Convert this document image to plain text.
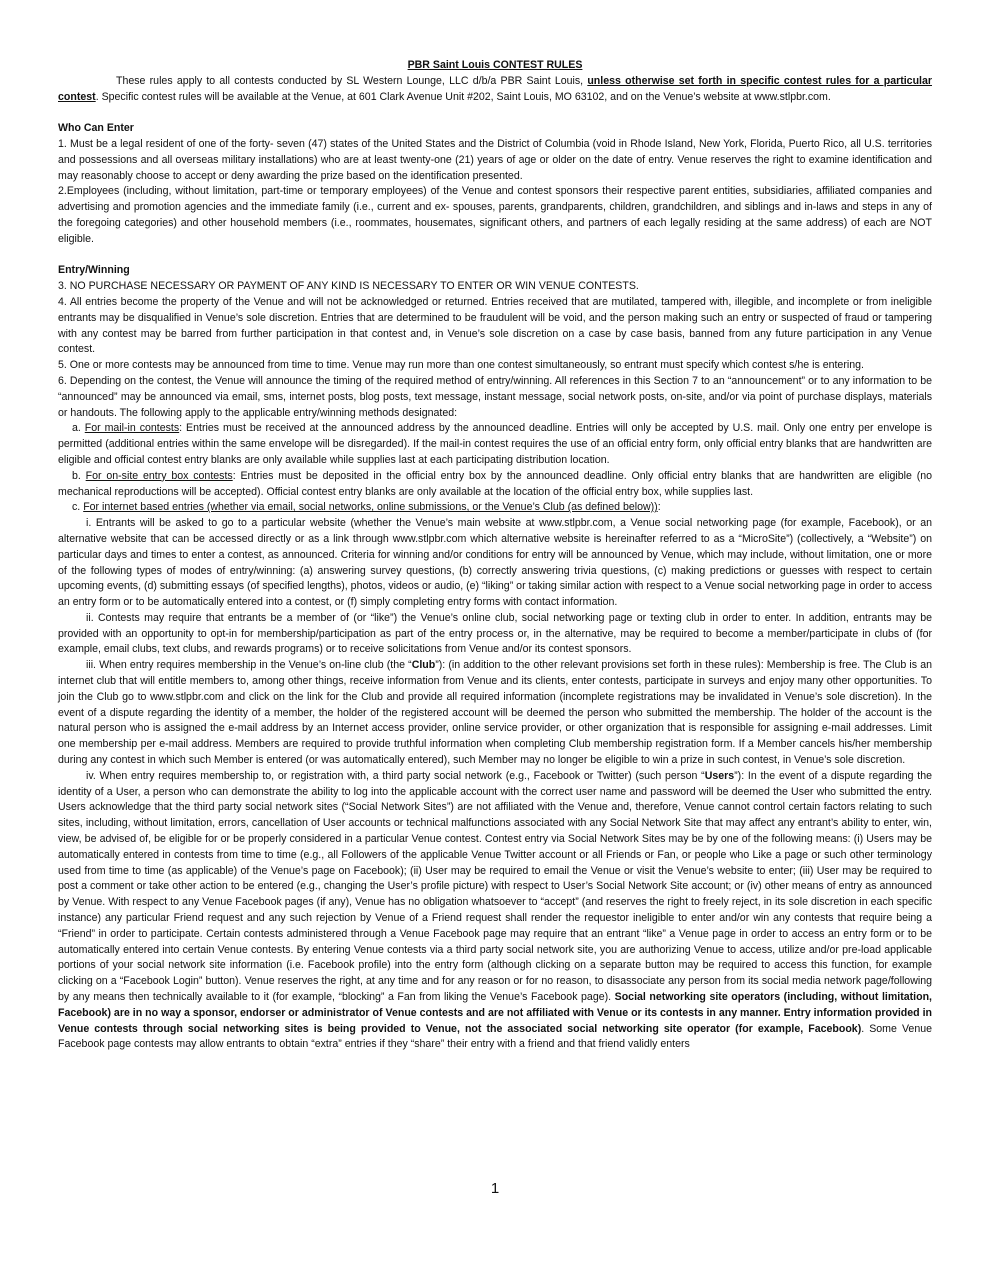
PBR Saint Louis CONTEST RULES

These rules apply to all contests conducted by SL Western Lounge, LLC d/b/a PBR Saint Louis, unless otherwise set forth in specific contest rules for a particular contest. Specific contest rules will be available at the Venue, at 601 Clark Avenue Unit #202, Saint Louis, MO 63102, and on the Venue’s website at www.stlpbr.com.

Who Can Enter

1. Must be a legal resident of one of the forty- seven (47) states of the United States and the District of Columbia (void in Rhode Island, New York, Florida, Puerto Rico, all U.S. territories and possessions and all overseas military installations) who are at least twenty-one (21) years of age or older on the date of entry. Venue reserves the right to examine identification and may reasonably choose to accept or deny awarding the prize based on the identification presented.

2.Employees (including, without limitation, part-time or temporary employees) of the Venue and contest sponsors their respective parent entities, subsidiaries, affiliated companies and advertising and promotion agencies and the immediate family (i.e., current and ex- spouses, parents, grandparents, children, grandchildren, and siblings and in-laws and steps in any of the foregoing categories) and other household members (i.e., roommates, housemates, significant others, and partners of each legally residing at the same address) of each are NOT eligible.

Entry/Winning

3. NO PURCHASE NECESSARY OR PAYMENT OF ANY KIND IS NECESSARY TO ENTER OR WIN VENUE CONTESTS.

4. All entries become the property of the Venue and will not be acknowledged or returned. Entries received that are mutilated, tampered with, illegible, and incomplete or from ineligible entrants may be disqualified in Venue’s sole discretion. Entries that are determined to be fraudulent will be void, and the person making such an entry or suspected of fraud or tampering with any contest may be barred from further participation in that contest and, in Venue’s sole discretion on a case by case basis, banned from any future participation in any Venue contest.

5. One or more contests may be announced from time to time. Venue may run more than one contest simultaneously, so entrant must specify which contest s/he is entering.

6. Depending on the contest, the Venue will announce the timing of the required method of entry/winning. All references in this Section 7 to an “announcement” or to any information to be “announced” may be announced via email, sms, internet posts, blog posts, text message, instant message, social network posts, on-site, and/or via point of purchase displays, materials or handouts. The following apply to the applicable entry/winning methods designated:

a. For mail-in contests: Entries must be received at the announced address by the announced deadline. Entries will only be accepted by U.S. mail. Only one entry per envelope is permitted (additional entries within the same envelope will be disregarded). If the mail-in contest requires the use of an official entry form, only official entry blanks that are handwritten are eligible and official contest entry blanks are only available while supplies last at each participating distribution location.

b. For on-site entry box contests: Entries must be deposited in the official entry box by the announced deadline. Only official entry blanks that are handwritten are eligible (no mechanical reproductions will be accepted). Official contest entry blanks are only available at the location of the official entry box, while supplies last.

c. For internet based entries (whether via email, social networks, online submissions, or the Venue’s Club (as defined below)):

i. Entrants will be asked to go to a particular website (whether the Venue’s main website at www.stlpbr.com, a Venue social networking page (for example, Facebook), or an alternative website that can be accessed directly or as a link through www.stlpbr.com which alternative website is hereinafter referred to as a “MicroSite”) (collectively, a “Website”) on particular days and times to enter a contest, as announced. Criteria for winning and/or conditions for entry will be announced by Venue, which may include, without limitation, one or more of the following types of modes of entry/winning: (a) answering survey questions, (b) correctly answering trivia questions, (c) making predictions or guesses with respect to certain upcoming events, (d) submitting essays (of specified lengths), photos, videos or audio, (e) “liking” or taking similar action with respect to a Venue social networking page in order to access an entry form or to be automatically entered into a contest, or (f) simply completing entry forms with contact information.

ii. Contests may require that entrants be a member of (or “like”) the Venue’s online club, social networking page or texting club in order to enter. In addition, entrants may be provided with an opportunity to opt-in for membership/participation as part of the entry process or, in the alternative, may be required to become a member/participate in clubs of (for example, email clubs, text clubs, and rewards programs) or to receive solicitations from Venue and/or its contest sponsors.

iii. When entry requires membership in the Venue’s on-line club (the “Club”): (in addition to the other relevant provisions set forth in these rules): Membership is free. The Club is an internet club that will entitle members to, among other things, receive information from Venue and its clients, enter contests, participate in surveys and enjoy many other opportunities. To join the Club go to www.stlpbr.com and click on the link for the Club and provide all required information (incomplete registrations may be invalidated in Venue’s sole discretion). In the event of a dispute regarding the identity of a member, the holder of the registered account will be deemed the person who submitted the membership. The holder of the account is the natural person who is assigned the e-mail address by an Internet access provider, online service provider, or other organization that is responsible for assigning e-mail addresses. Limit one membership per e-mail address. Members are required to provide truthful information when completing Club membership registration form. If a Member cancels his/her membership during any contest in which such Member is entered (or was automatically entered), such Member may no longer be eligible to win a prize in such contest, in Venue’s sole discretion.

iv. When entry requires membership to, or registration with, a third party social network (e.g., Facebook or Twitter) (such person “Users”): In the event of a dispute regarding the identity of a User, a person who can demonstrate the ability to log into the applicable account with the correct user name and password will be deemed the User who submitted the entry. Users acknowledge that the third party social network sites (“Social Network Sites”) are not affiliated with the Venue and, therefore, Venue cannot control certain factors relating to such sites, including, without limitation, errors, cancellation of User accounts or technical malfunctions associated with any Social Network Site that may affect any entrant’s ability to enter, win, view, be advised of, be eligible for or be properly considered in a particular Venue contest. Contest entry via Social Network Sites may be by one of the following means: (i) Users may be automatically entered in contests from time to time (e.g., all Followers of the applicable Venue Twitter account or all Friends or Fan, or people who Like a page or such other terminology used from time to time (as applicable) of the Venue’s page on Facebook); (ii) User may be required to email the Venue or visit the Venue’s website to enter; (iii) User may be required to post a comment or take other action to be entered (e.g., changing the User’s profile picture) with respect to User’s Social Network Site account; or (iv) other means of entry as announced by Venue. With respect to any Venue Facebook pages (if any), Venue has no obligation whatsoever to “accept” (and reserves the right to freely reject, in its sole discretion in each specific instance) any particular Friend request and any such rejection by Venue of a Friend request shall render the requestor ineligible to enter and/or win any contests that require being a “Friend” in order to participate. Certain contests administered through a Venue Facebook page may require that an entrant “like” a Venue page in order to access an entry form or to be automatically entered into certain Venue contests. By entering Venue contests via a third party social network site, you are authorizing Venue to access, utilize and/or pre-load applicable portions of your social network site information (i.e. Facebook profile) into the entry form (although clicking on a separate button may be required to access this function, for example clicking on a “Facebook Login” button). Venue reserves the right, at any time and for any reason or for no reason, to disassociate any person from its social media network page/following by any means then technically available to it (for example, “blocking” a Fan from liking the Venue’s Facebook page). Social networking site operators (including, without limitation, Facebook) are in no way a sponsor, endorser or administrator of Venue contests and are not affiliated with Venue or its contests in any manner. Entry information provided in Venue contests through social networking sites is being provided to Venue, not the associated social networking site operator (for example, Facebook). Some Venue Facebook page contests may allow entrants to obtain “extra” entries if they “share” their entry with a friend and that friend validly enters

1
